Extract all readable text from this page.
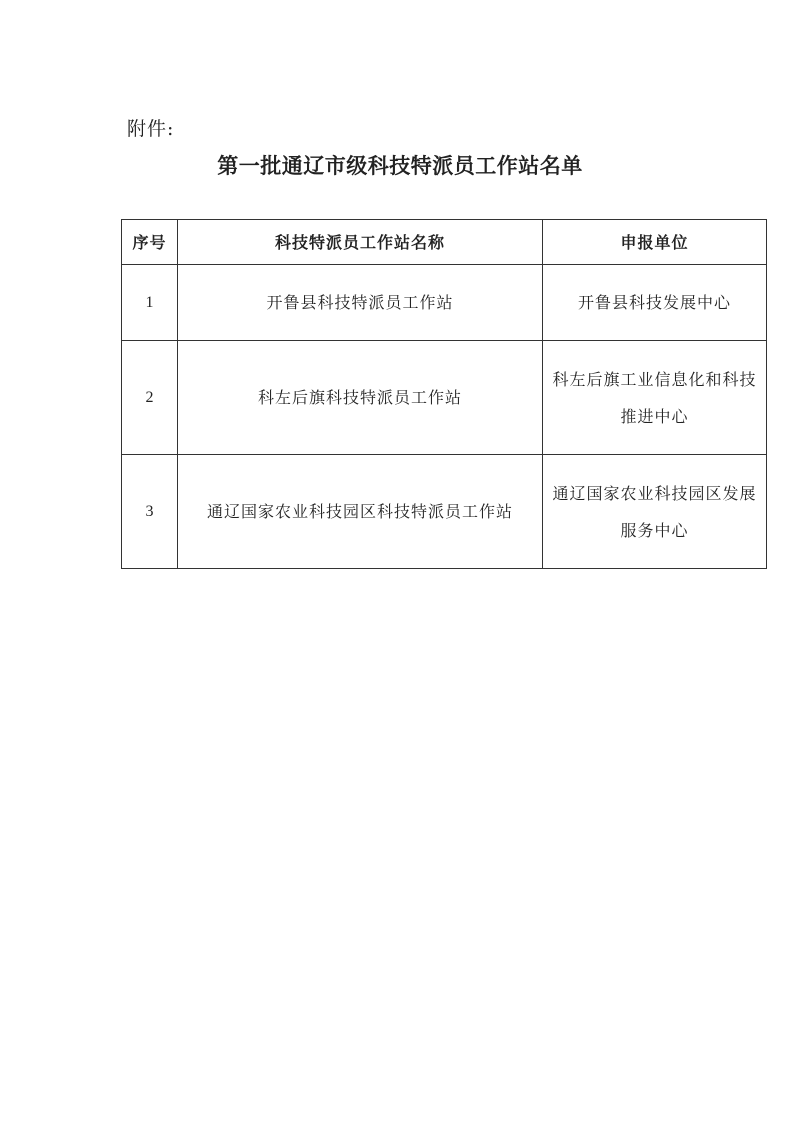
附件:
第一批通辽市级科技特派员工作站名单
序号	科技特派员工作站名称	申报单位
1	开鲁县科技特派员工作站	开鲁县科技发展中心
2	科左后旗科技特派员工作站	科左后旗工业信息化和科技推进中心
3	通辽国家农业科技园区科技特派员工作站	通辽国家农业科技园区发展服务中心
